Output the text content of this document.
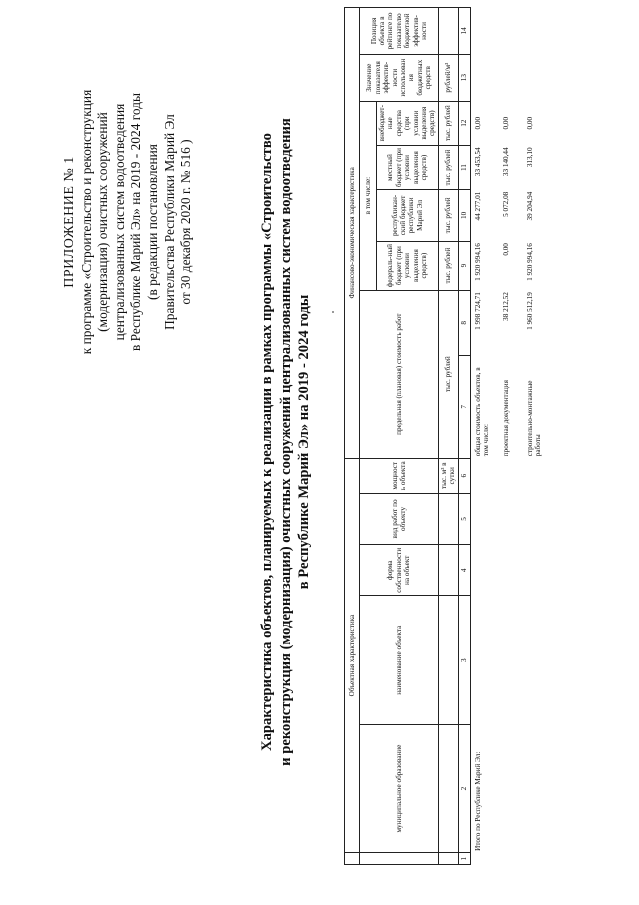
ПРИЛОЖЕНИЕ № 1 к программе «Строительство и реконструкция (модернизация) очистных сооружений централизованных систем водоотведения в Республике Марий Эл» на 2019 - 2024 годы (в редакции постановления Правительства Республики Марий Эл от 30 декабря 2020 г. № 516 )	Характеристика объектов, планируемых к реализации в рамках программы «Строительство и реконструкция (модернизация) очистных сооружений централизованных систем водоотведения в Республике Марий Эл» на 2019 - 2024 годы
	Объектная характеристика					Финансово-экономическая характеристика							
	муниципальное образование	наименование объекта	форма собственности на объект	вид работ по объекту	мощность объекта	предельная (плановая) стоимость работ		в том числе:				Значение показателя эффектив-ности использования бюджетных средств	Позиция объекта в рейтинге по показателю бюджетной эффектив-ности
								федераль-ный бюджет (при условии выделения средств)	республикан-ский бюджет республики Марий Эл	местный бюджет (при условии выделения средств)	внебюджет-ные средства (при условии выделения средств)		
					тыс. м³ в сутки	тыс. рублей		тыс. рублей	тыс. рублей	тыс. рублей	тыс. рублей	рублей/м³	
1	2	3	4	5	6	7	8	9	10	11	12	13	14
	Итого по Республике Марий Эл:					общая стоимость объектов, в том числе:	1 998 724,71	1 920 994,16	44 277,01	33 453,54	0,00		
						проектная документация	38 212,52	0,00	5 072,08	33 140,44	0,00		
						строительно-монтажные работы	1 960 512,19	1 920 994,16	39 204,94	313,10	0,00		
